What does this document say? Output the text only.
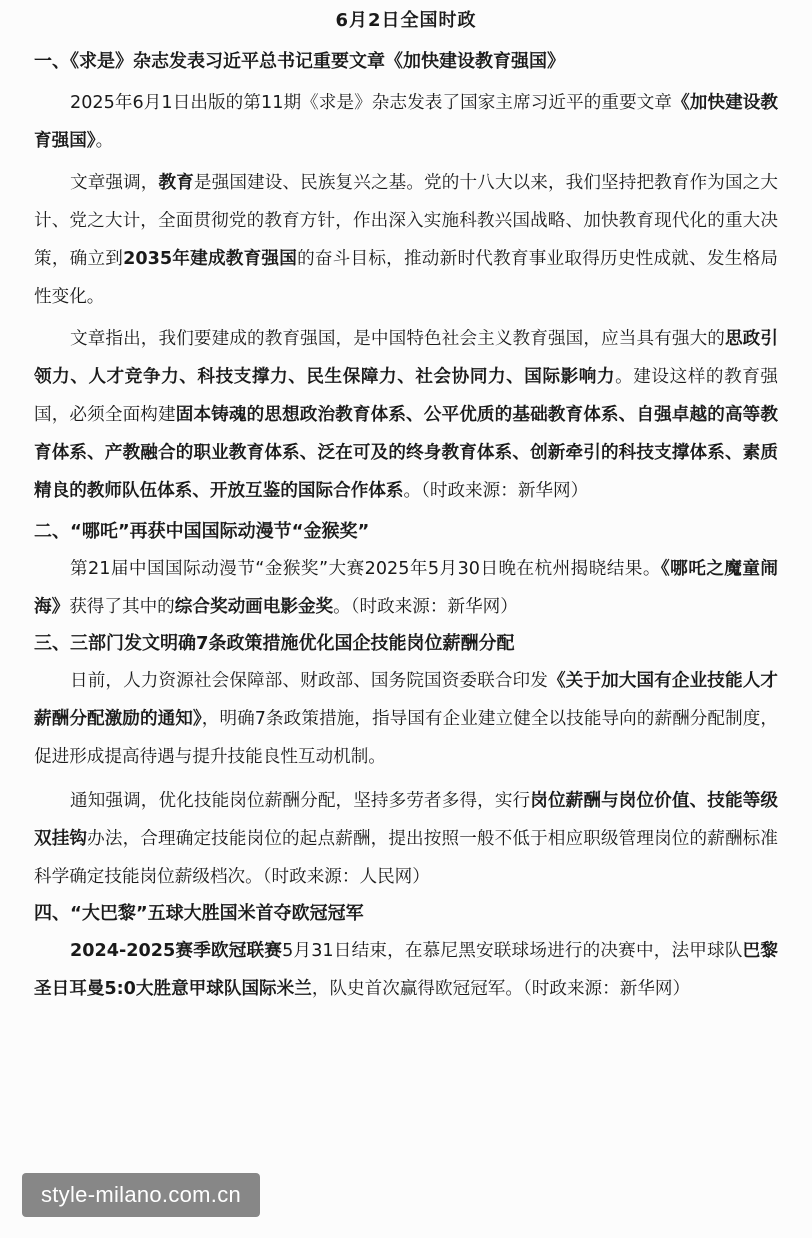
6月2日全国时政
一、《求是》杂志发表习近平总书记重要文章《加快建设教育强国》

2025年6月1日出版的第11期《求是》杂志发表了国家主席习近平的重要文章《加快建设教育强国》。

文章强调，教育是强国建设、民族复兴之基。党的十八大以来，我们坚持把教育作为国之大计、党之大计，全面贯彻党的教育方针，作出深入实施科教兴国战略、加快教育现代化的重大决策，确立到2035年建成教育强国的奋斗目标，推动新时代教育事业取得历史性成就、发生格局性变化。

文章指出，我们要建成的教育强国，是中国特色社会主义教育强国，应当具有强大的思政引领力、人才竞争力、科技支撑力、民生保障力、社会协同力、国际影响力。建设这样的教育强国，必须全面构建固本铸魂的思想政治教育体系、公平优质的基础教育体系、自强卓越的高等教育体系、产教融合的职业教育体系、泛在可及的终身教育体系、创新牵引的科技支撑体系、素质精良的教师队伍体系、开放互鉴的国际合作体系。（时政来源：新华网）

二、“哪吒”再获中国国际动漫节“金猴奖”

第21届中国国际动漫节“金猴奖”大赛2025年5月30日晚在杭州揭晓结果。《哪吒之魔童闹海》获得了其中的综合奖动画电影金奖。（时政来源：新华网）

三、三部门发文明确7条政策措施优化国企技能岗位薪酬分配

日前，人力资源社会保障部、财政部、国务院国资委联合印发《关于加大国有企业技能人才薪酬分配激励的通知》，明确7条政策措施，指导国有企业建立健全以技能导向的薪酬分配制度，促进形成提高待遇与提升技能良性互动机制。

通知强调，优化技能岗位薪酬分配，坚持多劳者多得，实行岗位薪酬与岗位价值、技能等级双挂钩办法，合理确定技能岗位的起点薪酬，提出按照一般不低于相应职级管理岗位的薪酬标准科学确定技能岗位薪级档次。（时政来源：人民网）

四、“大巴黎”五球大胜国米首夺欧冠冠军

2024-2025赛季欧冠联赛5月31日结束，在慕尼黑安联球场进行的决赛中，法甲球队巴黎圣日耳曼5:0大胜意甲球队国际米兰，队史首次赢得欧冠冠军。（时政来源：新华网）

style-milano.com.cn
